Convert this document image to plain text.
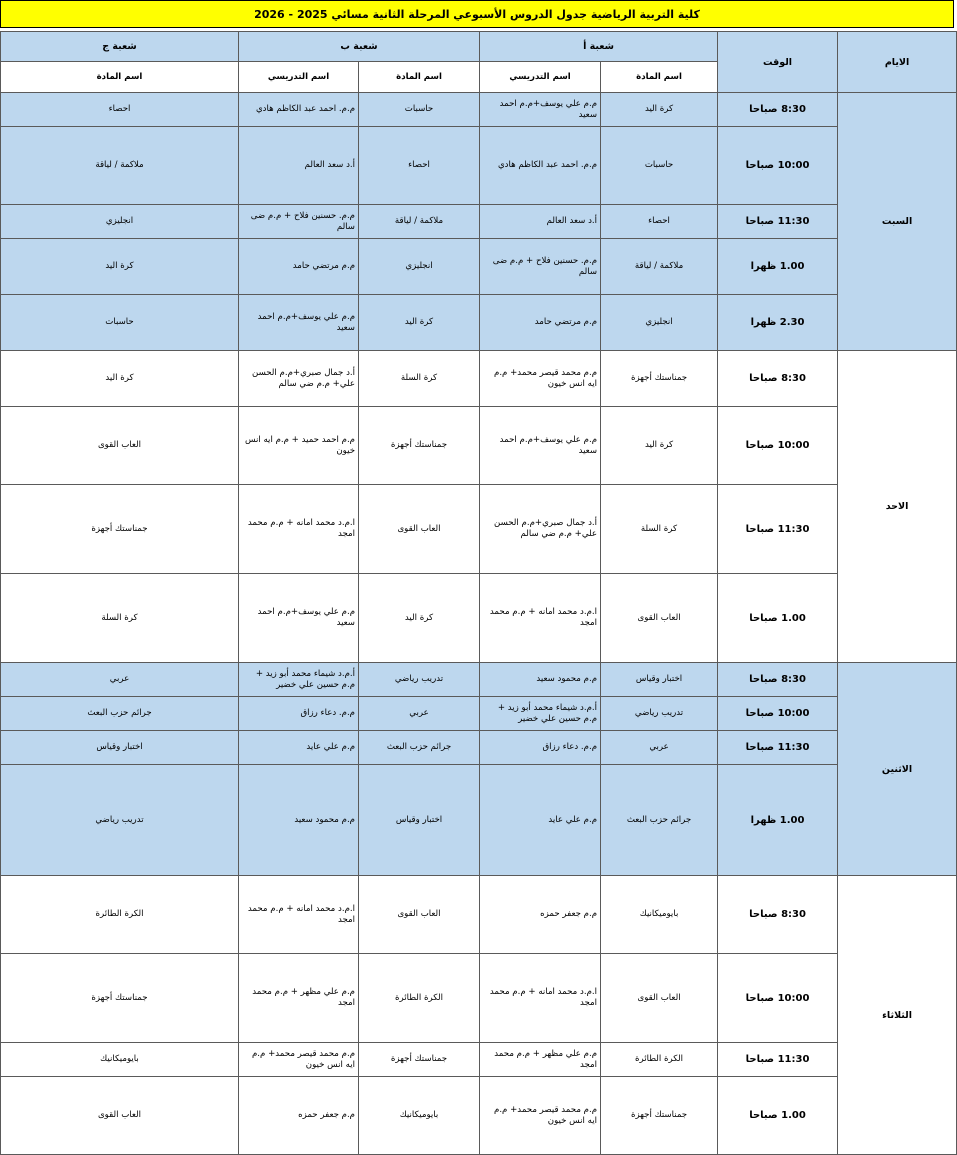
كلية التربية الرياضية جدول الدروس الأسبوعي المرحلة الثانية مسائي 2025 - 2026
الايام	الوقت	شعبة أ		شعبة ب		شعبة ج	
		اسم المادة	اسم التدريسي	اسم المادة	اسم التدريسي	اسم المادة	
السبت	8:30 صباحا	كرة اليد	م.م علي يوسف+م.م احمد سعيد	حاسبات	م.م. احمد عبد الكاظم هادي	احصاء	
	10:00 صباحا	حاسبات	م.م. احمد عبد الكاظم هادي	احصاء	أ.د سعد العالم	ملاكمة / لياقة	
	11:30 صباحا	احصاء	أ.د سعد العالم	ملاكمة / لياقة	م.م. حسنين فلاح + م.م ضى سالم	انجليزي	
	1.00 ظهرا	ملاكمة / لياقة	م.م. حسنين فلاح + م.م ضى سالم	انجليزي	م.م مرتضي حامد	كرة اليد	
	2.30 ظهرا	انجليزي	م.م مرتضي حامد	كرة اليد	م.م علي يوسف+م.م احمد سعيد	حاسبات	
الاحد	8:30 صباحا	جمناستك أجهزة	م.م محمد قيصر محمد+ م.م ايه انس خيون	كرة السلة	أ.د جمال صبري+م.م الحسن علي+ م.م ضي سالم	كرة اليد	
	10:00 صباحا	كرة اليد	م.م علي يوسف+م.م احمد سعيد	جمناستك أجهزة	م.م احمد حميد + م.م ايه انس خيون	العاب القوى	
	11:30 صباحا	كرة السلة	أ.د جمال صبري+م.م الحسن علي+ م.م ضي سالم	العاب القوى	ا.م.د محمد امانه + م.م محمد امجد	جمناستك أجهزة	
	1.00 صباحا	العاب القوى	ا.م.د محمد امانه + م.م محمد امجد	كرة اليد	م.م علي يوسف+م.م احمد سعيد	كرة السلة	
الاثنين	8:30 صباحا	اختبار وقياس	م.م محمود سعيد	تدريب رياضي	أ.م.د شيماء محمد أبو زيد + م.م حسين علي خضير	عربي	
	10:00 صباحا	تدريب رياضي	أ.م.د شيماء محمد أبو زيد + م.م حسين علي خضير	عربي	م.م. دعاء رزاق	جرائم حزب البعث	
	11:30 صباحا	عربي	م.م. دعاء رزاق	جرائم حزب البعث	م.م علي عايد	اختبار وقياس	
	1.00 ظهرا	جرائم حزب البعث	م.م علي عايد	اختبار وقياس	م.م محمود سعيد	تدريب رياضي	
الثلاثاء	8:30 صباحا	بايوميكانيك	م.م جعفر حمزه	العاب القوى	ا.م.د محمد امانه + م.م محمد امجد	الكرة الطائرة	
	10:00 صباحا	العاب القوى	ا.م.د محمد امانه + م.م محمد امجد	الكرة الطائرة	م.م علي مظهر + م.م محمد امجد	جمناستك أجهزة	
	11:30 صباحا	الكرة الطائرة	م.م علي مظهر + م.م محمد امجد	جمناستك أجهزة	م.م محمد قيصر محمد+ م.م ايه انس خيون	بايوميكانيك	
	1.00 صباحا	جمناستك أجهزة	م.م محمد قيصر محمد+ م.م ايه انس خيون	بايوميكانيك	م.م جعفر حمزه	العاب القوى	
